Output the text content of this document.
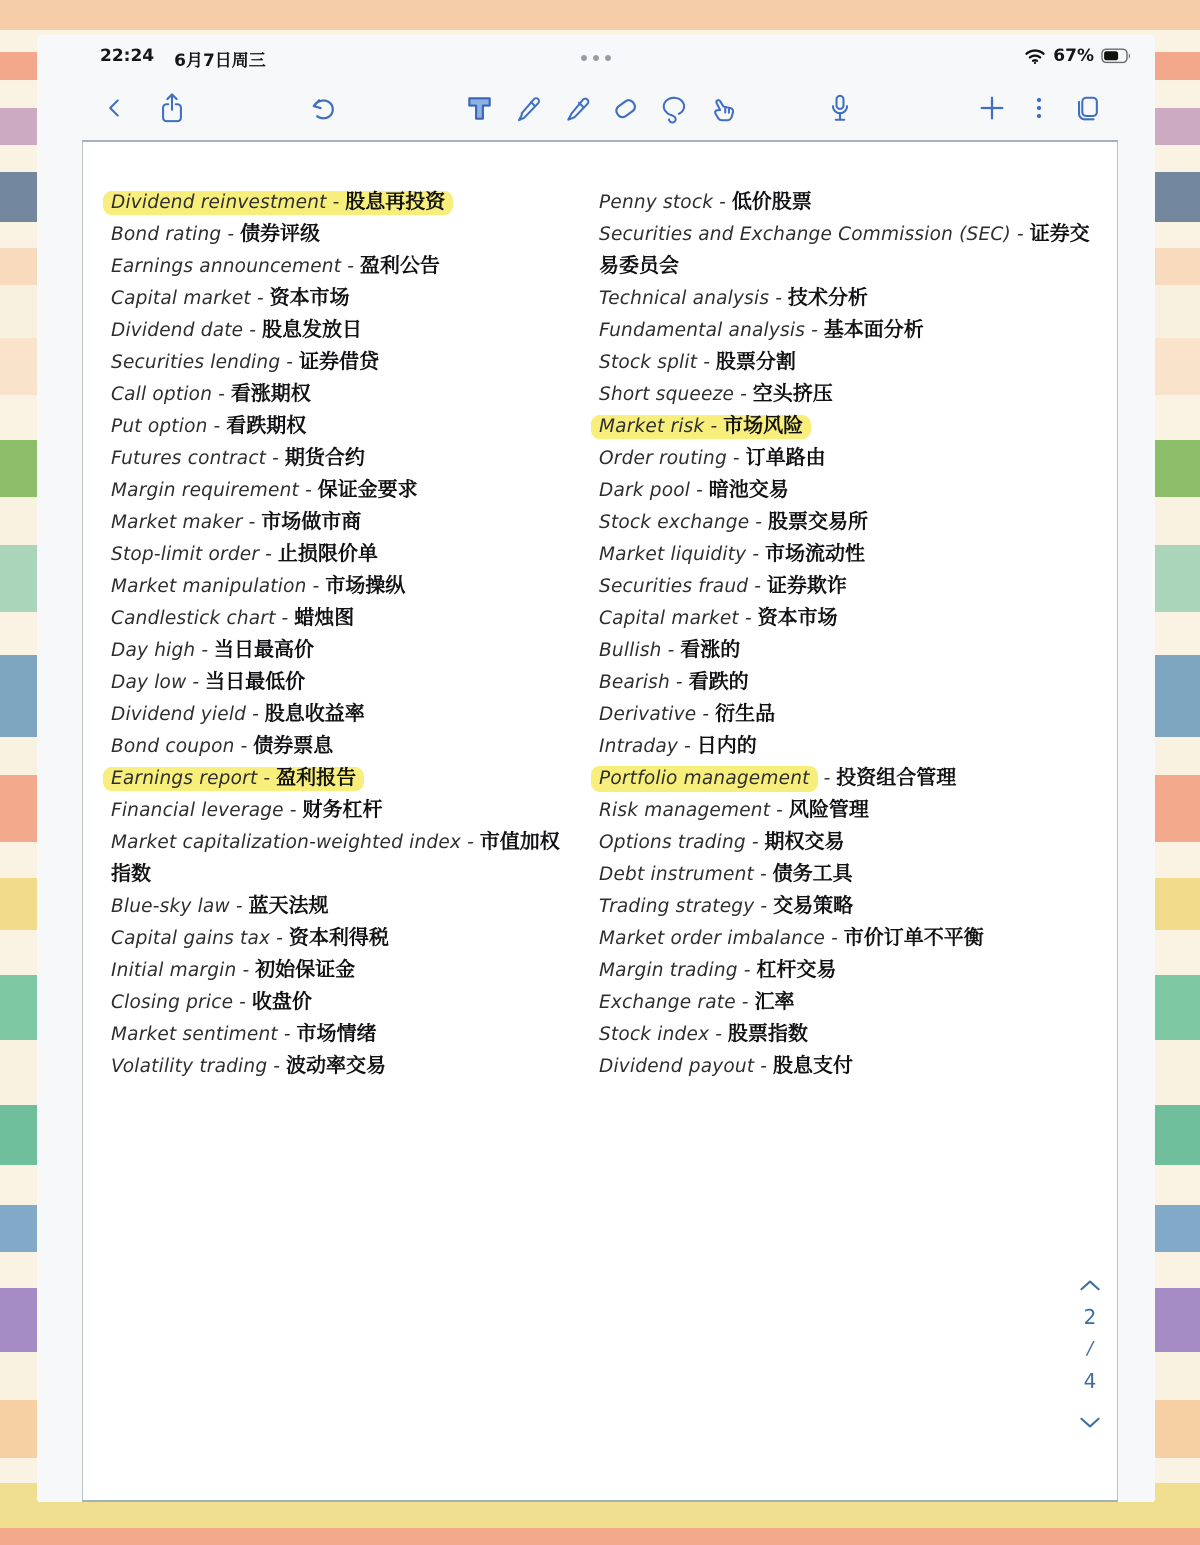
22:24 6月7日周三	67%
Dividend reinvestment - 股息再投资
Bond rating - 债券评级
Earnings announcement - 盈利公告
Capital market - 资本市场
Dividend date - 股息发放日
Securities lending - 证券借贷
Call option - 看涨期权
Put option - 看跌期权
Futures contract - 期货合约
Margin requirement - 保证金要求
Market maker - 市场做市商
Stop-limit order - 止损限价单
Market manipulation - 市场操纵
Candlestick chart - 蜡烛图
Day high - 当日最高价
Day low - 当日最低价
Dividend yield - 股息收益率
Bond coupon - 债券票息
Earnings report - 盈利报告
Financial leverage - 财务杠杆
Market capitalization-weighted index - 市值加权指数
Blue-sky law - 蓝天法规
Capital gains tax - 资本利得税
Initial margin - 初始保证金
Closing price - 收盘价
Market sentiment - 市场情绪
Volatility trading - 波动率交易
Penny stock - 低价股票
Securities and Exchange Commission (SEC) - 证券交易委员会
Technical analysis - 技术分析
Fundamental analysis - 基本面分析
Stock split - 股票分割
Short squeeze - 空头挤压
Market risk - 市场风险
Order routing - 订单路由
Dark pool - 暗池交易
Stock exchange - 股票交易所
Market liquidity - 市场流动性
Securities fraud - 证券欺诈
Capital market - 资本市场
Bullish - 看涨的
Bearish - 看跌的
Derivative - 衍生品
Intraday - 日内的
Portfolio management - 投资组合管理
Risk management - 风险管理
Options trading - 期权交易
Debt instrument - 债务工具
Trading strategy - 交易策略
Market order imbalance - 市价订单不平衡
Margin trading - 杠杆交易
Exchange rate - 汇率
Stock index - 股票指数
Dividend payout - 股息支付
2
/
4
